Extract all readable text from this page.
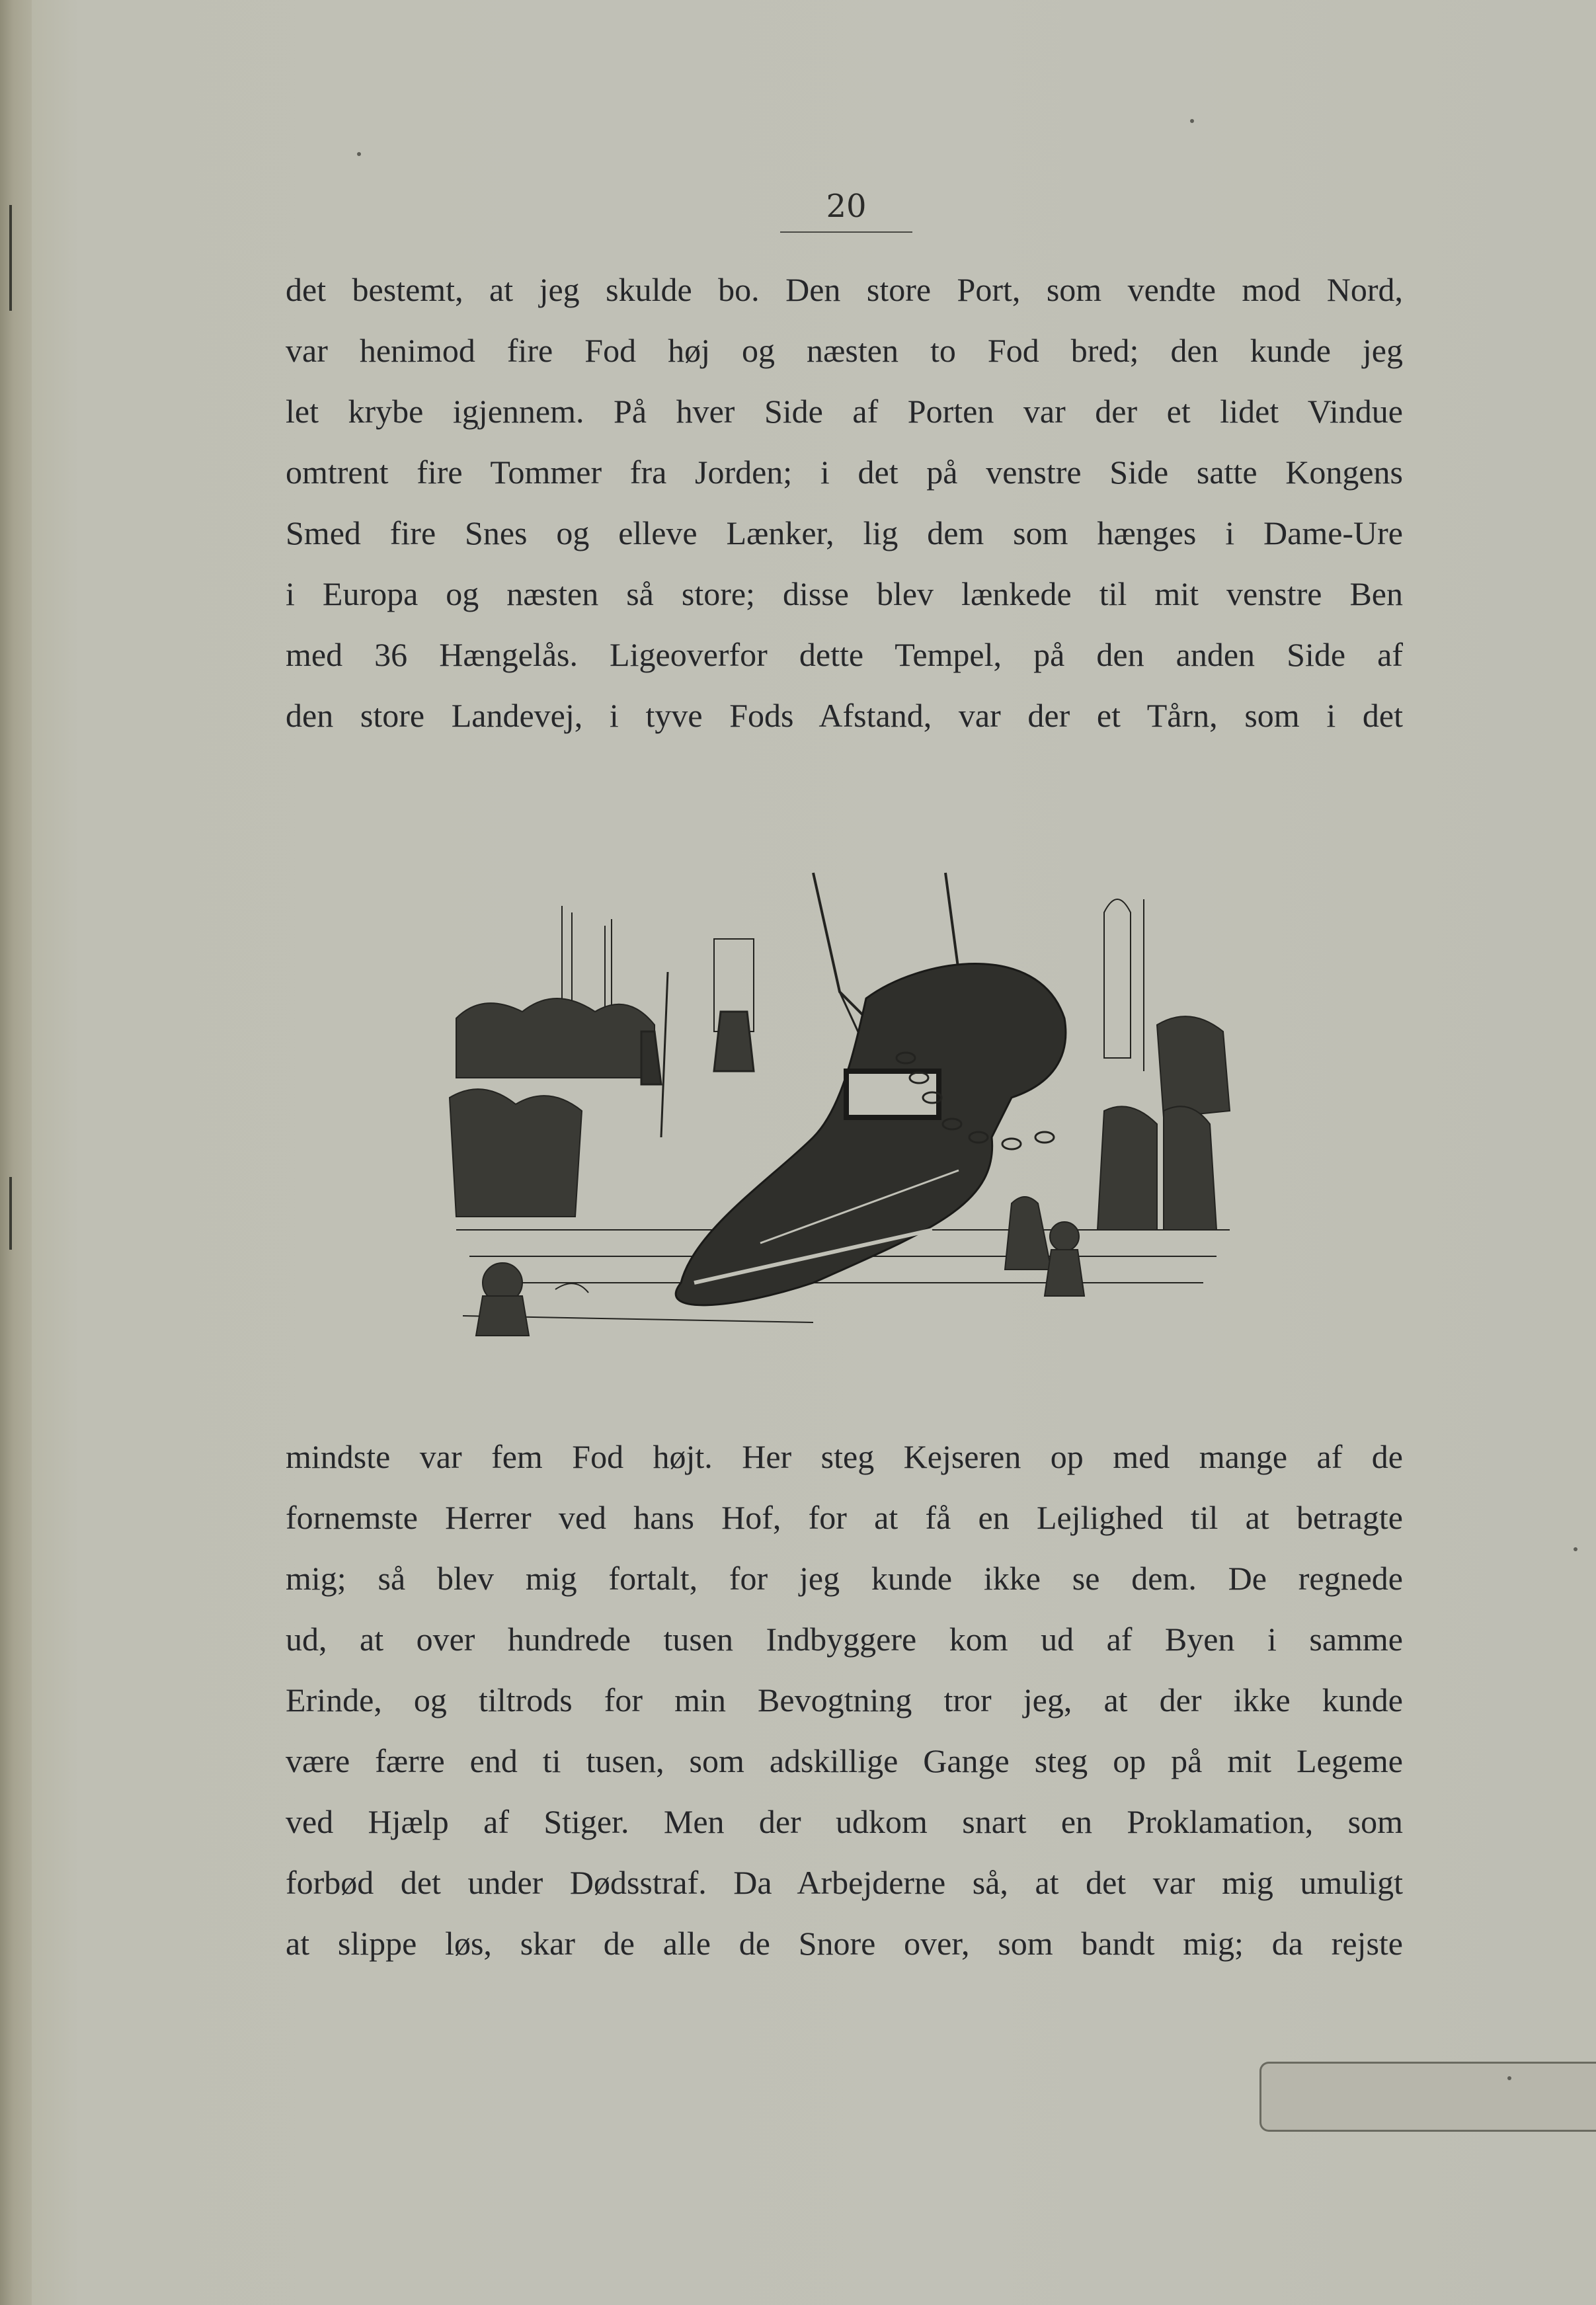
20
det bestemt, at jeg skulde bo. Den store Port, som vendte mod Nord,
var henimod fire Fod høj og næsten to Fod bred; den kunde jeg
let krybe igjennem. På hver Side af Porten var der et lidet Vindue
omtrent fire Tommer fra Jorden; i det på venstre Side satte Kongens
Smed fire Snes og elleve Lænker, lig dem som hænges i Dame-Ure
i Europa og næsten så store; disse blev lænkede til mit venstre Ben
med 36 Hængelås. Ligeoverfor dette Tempel, på den anden Side af
den store Landevej, i tyve Fods Afstand, var der et Tårn, som i det
mindste var fem Fod højt. Her steg Kejseren op med mange af de
fornemste Herrer ved hans Hof, for at få en Lejlighed til at betragte
mig; så blev mig fortalt, for jeg kunde ikke se dem. De regnede
ud, at over hundrede tusen Indbyggere kom ud af Byen i samme
Erinde, og tiltrods for min Bevogtning tror jeg, at der ikke kunde
være færre end ti tusen, som adskillige Gange steg op på mit Legeme
ved Hjælp af Stiger. Men der udkom snart en Proklamation, som
forbød det under Dødsstraf. Da Arbejderne så, at det var mig umuligt
at slippe løs, skar de alle de Snore over, som bandt mig; da rejste
